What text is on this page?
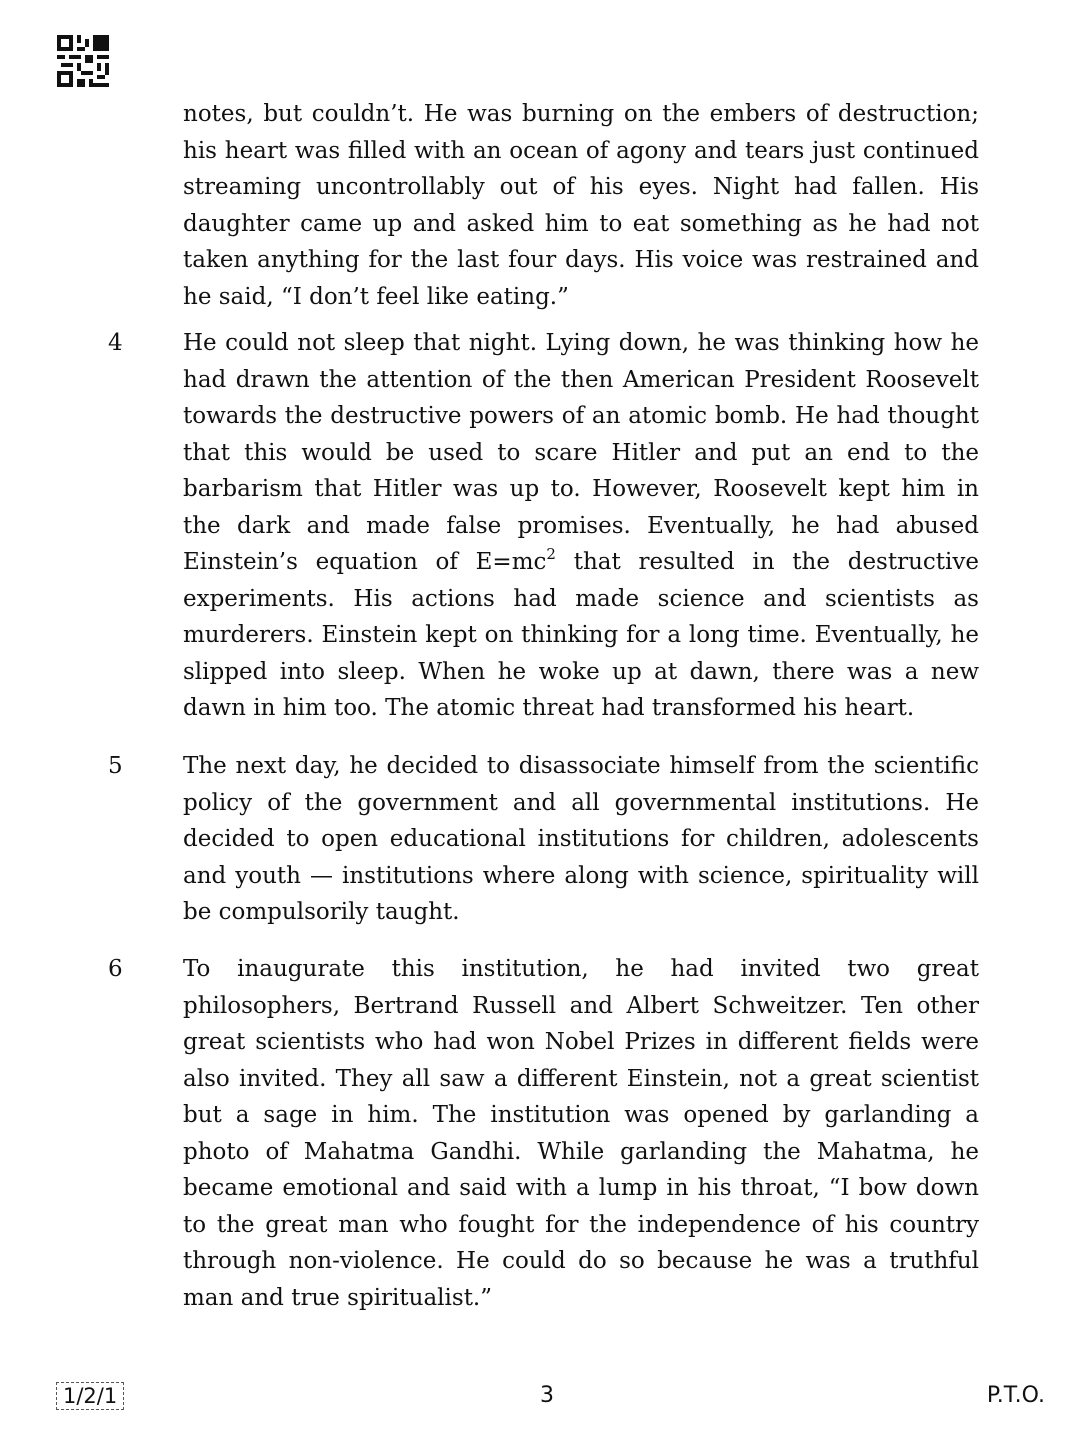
notes, but couldn’t. He was burning on the embers of destruction; his heart was filled with an ocean of agony and tears just continued streaming uncontrollably out of his eyes. Night had fallen. His daughter came up and asked him to eat something as he had not taken anything for the last four days. His voice was restrained and he said, “I don’t feel like eating.”

4	He could not sleep that night. Lying down, he was thinking how he had drawn the attention of the then American President Roosevelt towards the destructive powers of an atomic bomb. He had thought that this would be used to scare Hitler and put an end to the barbarism that Hitler was up to. However, Roosevelt kept him in the dark and made false promises. Eventually, he had abused Einstein’s equation of $E=mc^2$ that resulted in the destructive experiments. His actions had made science and scientists as murderers. Einstein kept on thinking for a long time. Eventually, he slipped into sleep. When he woke up at dawn, there was a new dawn in him too. The atomic threat had transformed his heart.

5	The next day, he decided to disassociate himself from the scientific policy of the government and all governmental institutions. He decided to open educational institutions for children, adolescents and youth — institutions where along with science, spirituality will be compulsorily taught.

6	To inaugurate this institution, he had invited two great philosophers, Bertrand Russell and Albert Schweitzer. Ten other great scientists who had won Nobel Prizes in different fields were also invited. They all saw a different Einstein, not a great scientist but a sage in him. The institution was opened by garlanding a photo of Mahatma Gandhi. While garlanding the Mahatma, he became emotional and said with a lump in his throat, “I bow down to the great man who fought for the independence of his country through non-violence. He could do so because he was a truthful man and true spiritualist.”

1/2/1	3	P.T.O.
